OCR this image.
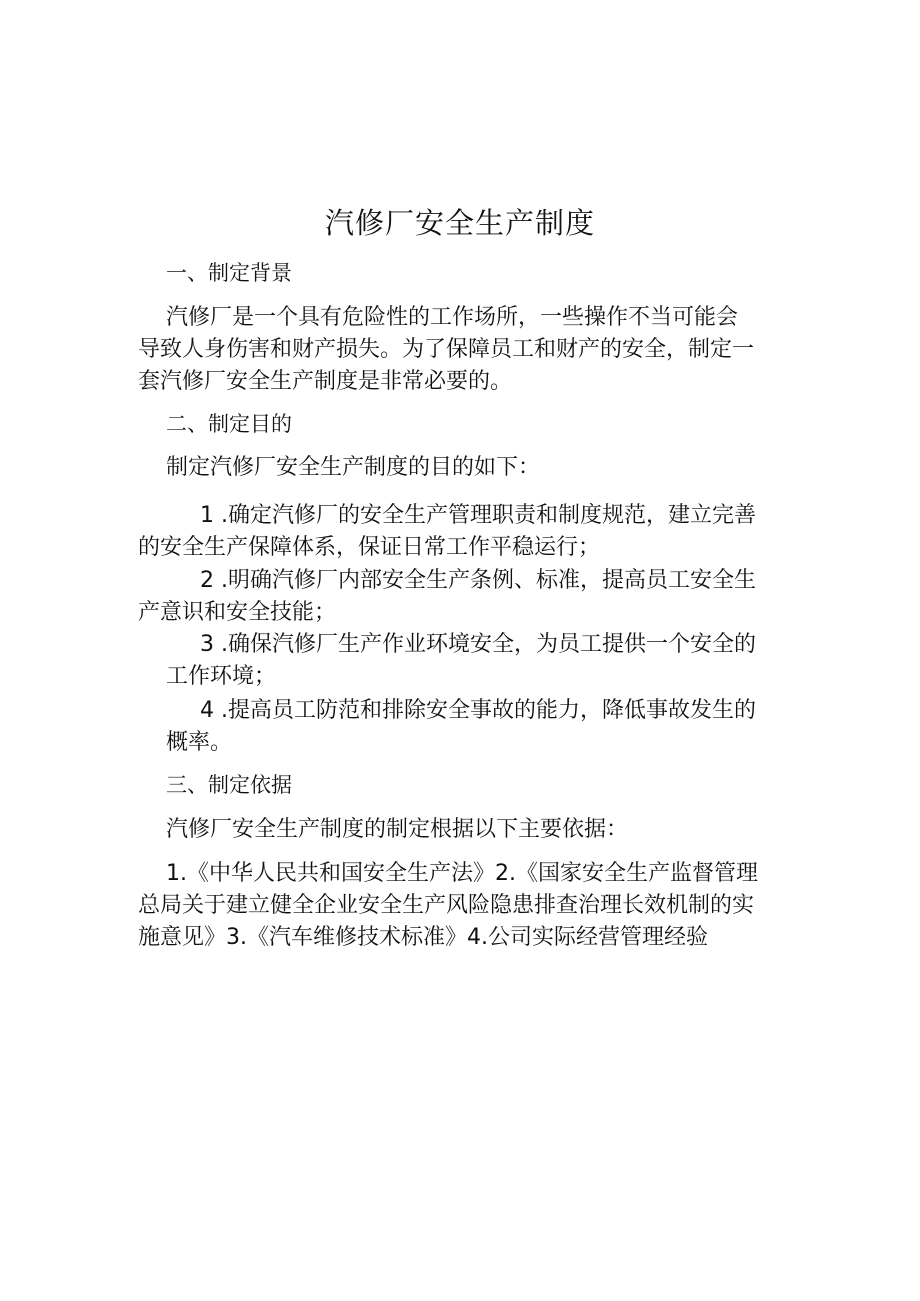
汽修厂安全生产制度

一、制定背景

汽修厂是一个具有危险性的工作场所，一些操作不当可能会

导致人身伤害和财产损失。为了保障员工和财产的安全，制定一

套汽修厂安全生产制度是非常必要的。

二、制定目的

制定汽修厂安全生产制度的目的如下：

1 .确定汽修厂的安全生产管理职责和制度规范，建立完善

的安全生产保障体系，保证日常工作平稳运行；

2 .明确汽修厂内部安全生产条例、标准，提高员工安全生

产意识和安全技能；

3 .确保汽修厂生产作业环境安全，为员工提供一个安全的

工作环境；

4 .提高员工防范和排除安全事故的能力，降低事故发生的

概率。

三、制定依据

汽修厂安全生产制度的制定根据以下主要依据：

1.《中华人民共和国安全生产法》2.《国家安全生产监督管理

总局关于建立健全企业安全生产风险隐患排查治理长效机制的实

施意见》3.《汽车维修技术标准》4.公司实际经营管理经验
